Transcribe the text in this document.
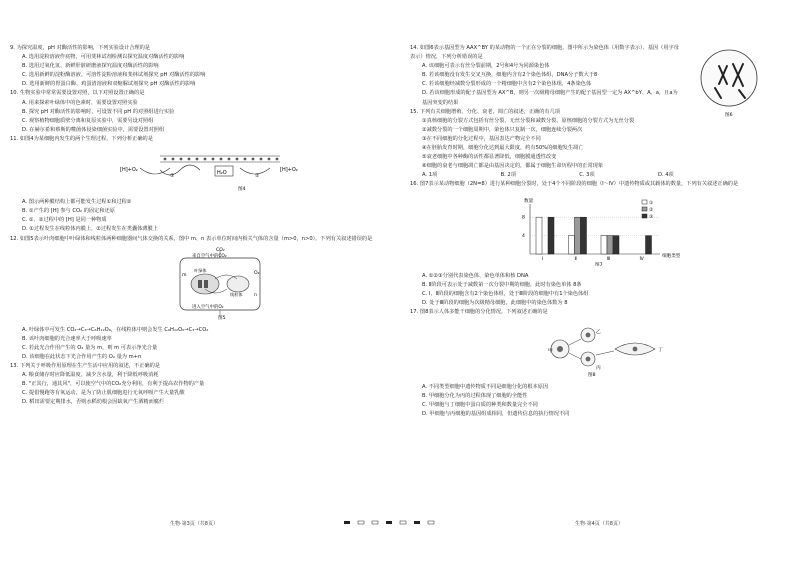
9. 为探究温度、pH 对酶活性的影响，下列实验设计合理的是

A. 选用淀粉溶液作底物，可用斐林试剂检测以探究温度对酶活性的影响

B. 选用过氧化氢、新鲜肝脏研磨液探究温度对酶活性的影响

C. 选用新鲜的淀粉酶溶液、可溶性淀粉溶液和斐林试剂探究 pH 对酶活性的影响

D. 选用新鲜的胃蛋白酶、鸡蛋清溶液和双缩脲试剂探究 pH 对酶活性的影响

10. 生物实验中常常需要设置对照，以下对照设置正确的是

A. 用来探索叶绿体中的色素时，需要设置对照实验

B. 探究 pH 对酶活性的影响时，可设置不同 pH 的对照组进行实验

C. 观察植物细胞质壁分离和复原实验中，需要另设对照组

D. 在赫尔希和蔡斯的噬菌体侵染细菌实验中，需要设置对照组

11. 如图4为某细胞内发生的两个生理过程，下列分析正确的是

[H]+O₂	[H]+O₂
H₂O
①	②
图4

A. 图示两种膜结构上都可能发生过程①和过程②

B. ①产生的 [H] 参与 CO₂ 的固定和还原

C. ①、②过程中的 [H] 是同一种物质

D. ①过程发生在线粒体内膜上，②过程发生在类囊体薄膜上

12. 如图5表示叶肉细胞中叶绿体和线粒体两种细胞器间气体交换的关系，图中 m、n 表示单位时间内相关气体的含量（m>0，n>0）。下列有关叙述错误的是

CO₂
来自空气中的CO₂
O₂
进入空气中的O₂
m
n
叶绿体
线粒体
图5

A. 叶绿体中可发生 CO₂→C₃→C₆H₁₂O₆，在线粒体中则会发生 C₆H₁₂O₆→C₃→CO₂

B. 该叶肉细胞的光合速率大于呼吸速率

C. 若此光合作用产生的 O₂ 量为 m，则 m 可表示净光合量

D. 该细胞在此状态下光合作用产生的 O₂ 量为 m+n

13. 下列关于呼吸作用原理在生产生活中应用的叙述，不正确的是

A. 粮食储存时应降低温度、减少含水量，利于降低呼吸消耗

B. "正其行，通其风"，可以使空气中的CO₂充分利用，有利于提高农作物的产量

C. 提倡慢跑等有氧运动，是为了防止肌细胞进行无氧呼吸产生大量乳酸

D. 稻田需要定期排水，否则水稻幼根会因缺氧产生酒精而腐烂

14. 如图6表示基因型为 AAX^BY 的某动物的一个正在分裂的细胞，图中所示为染色体（用数字表示）、基因（用字母表示）情况，下列分析错误的是

A. 该细胞可表示有丝分裂前期，2号和4号为同源染色体

B. 若该细胞没有发生交叉互换，细胞内含有2个染色体组，DNA分子数大于8

C. 若该细胞经减数分裂形成的一个精细胞中含有2个染色体组，4条染色体

D. 若该细胞形成的配子基因型为 AX^B，则另一次级精母细胞产生的配子基因型一定为 AX^bY、A、a，且a为基因突变的结果

图6

15. 下列有关细胞增殖、分化、衰老、凋亡的叙述，正确的有几项

①真核细胞的分裂方式包括有丝分裂、无丝分裂和减数分裂，原核细胞的分裂方式为无丝分裂

②减数分裂的一个细胞周期中，染色体只复制一次，细胞连续分裂两次

③在不同细胞的分化过程中，基因表达产物完全不同

④在胚胎发育时期，细胞分化达到最大限度，约有50%的细胞发生凋亡

⑤衰老细胞中各种酶的活性都显著降低，细胞膜通透性改变

⑥细胞的衰老与细胞凋亡都是由基因决定的，都属于细胞生命历程中的正常现象

A. 1项	B. 2项	C. 3项	D. 4项

16. 图7表示某动物细胞（2N=8）进行某种细胞分裂时，处于4个不同阶段的细胞（Ⅰ～Ⅳ）中遗传物质或其载体的数量，下列有关叙述正确的是

数量
细胞类型
4
8
Ⅰ	Ⅱ	Ⅲ	Ⅳ
图7
①
②
③

A. ①②③分别代表染色体、染色单体和核 DNA

B. Ⅱ阶段可表示处于减数第一次分裂中期的细胞，此时有染色单体 8条

C. Ⅰ、Ⅱ阶段的细胞含有2个染色体组，处于Ⅲ阶段的细胞中有1个染色体组

D. 处于Ⅲ阶段的细胞为次级精母细胞，此细胞中的染色体数为 8

17. 图8表示人体多能干细胞的分化情况，下列叙述正确的是

甲
乙
丙
丁
图8

A. 不同类型细胞中遗传物质不同是细胞分化的根本原因

B. 甲细胞分化为丙的过程体现了细胞的全能性

C. 甲细胞与丁细胞中蛋白质的种类和数量完全不同

D. 甲细胞与丙细胞的基因组成相同，但遗传信息的执行情况不同

生物·第3页（共8页）	生物·第4页（共8页）
